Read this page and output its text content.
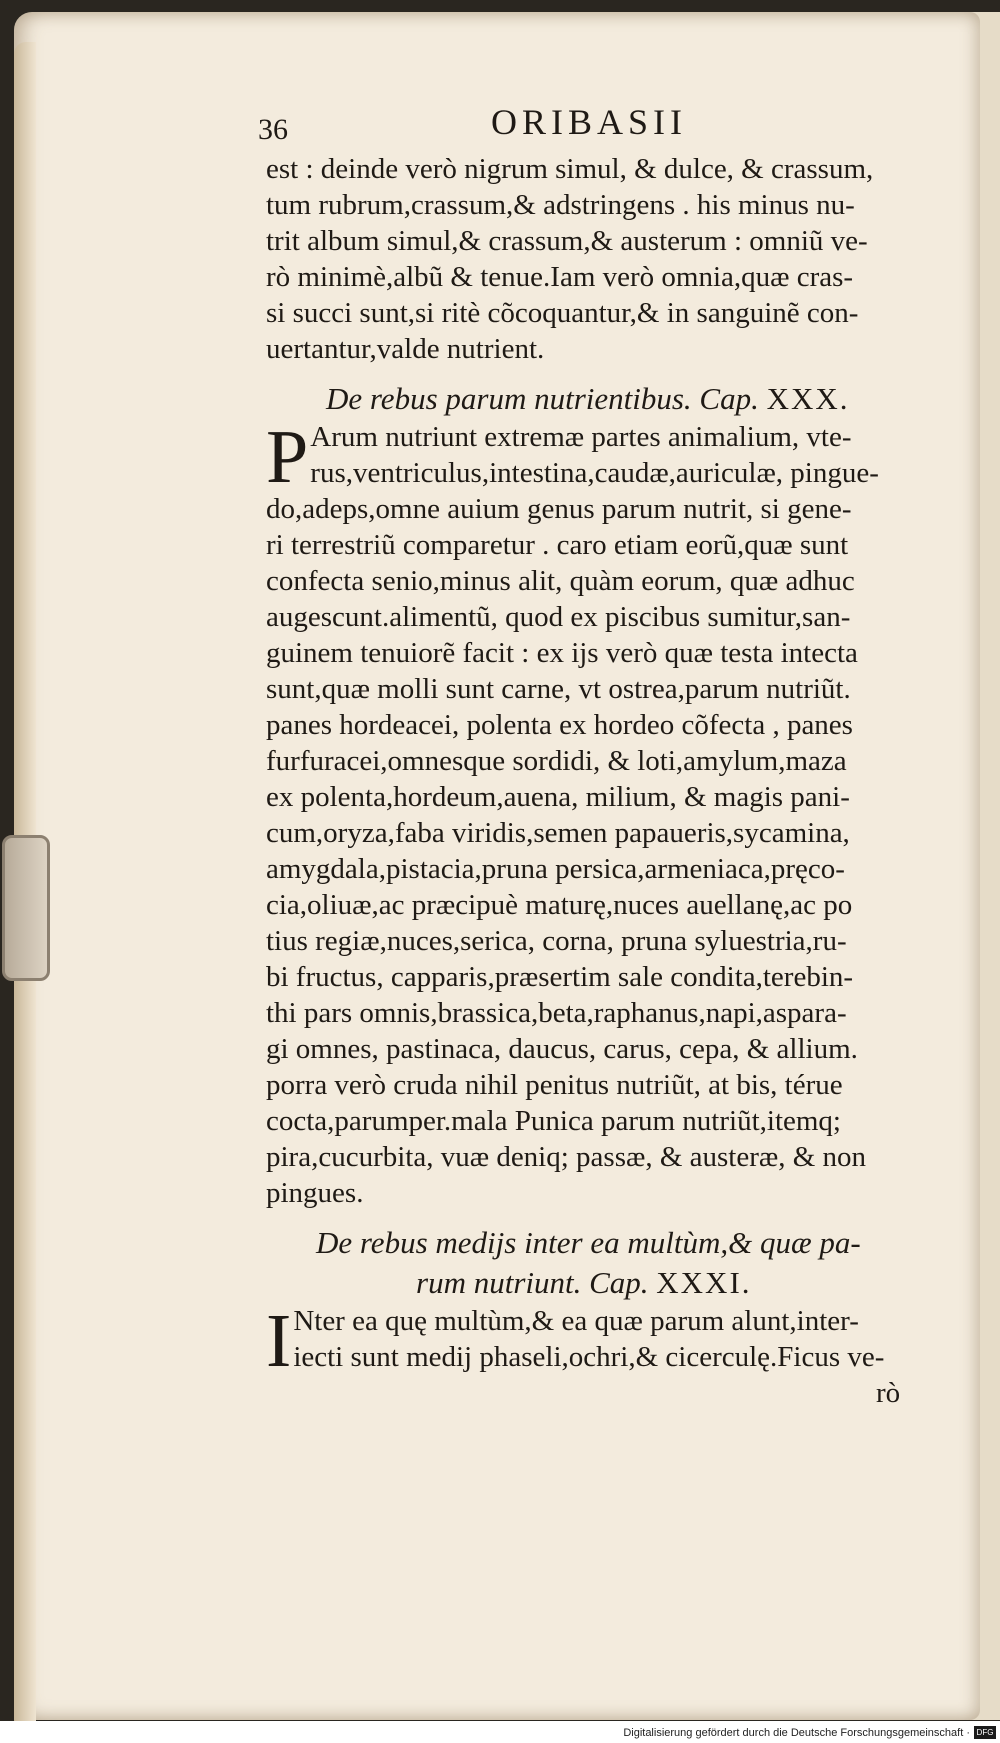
36	ORIBASII
est : deinde verò nigrum simul, & dulce, & crassum,
tum rubrum,crassum,& adstringens . his minus nu-
trit album simul,& crassum,& austerum : omniũ ve-
rò minimè,albũ & tenue.Iam verò omnia,quæ cras-
si succi sunt,si ritè cõcoquantur,& in sanguinẽ con-
uertantur,valde nutrient.
De rebus parum nutrientibus. Cap. XXX.
P Arum nutriunt extremæ partes animalium, vte-
rus,ventriculus,intestina,caudæ,auriculæ, pingue-
do,adeps,omne auium genus parum nutrit, si gene-
ri terrestriũ comparetur . caro etiam eorũ,quæ sunt
confecta senio,minus alit, quàm eorum, quæ adhuc
augescunt.alimentũ, quod ex piscibus sumitur,san-
guinem tenuiorẽ facit : ex ijs verò quæ testa intecta
sunt,quæ molli sunt carne, vt ostrea,parum nutriũt.
panes hordeacei, polenta ex hordeo cõfecta , panes
furfuracei,omnesque sordidi, & loti,amylum,maza
ex polenta,hordeum,auena, milium, & magis pani-
cum,oryza,faba viridis,semen papaueris,sycamina,
amygdala,pistacia,pruna persica,armeniaca,pręco-
cia,oliuæ,ac præcipuè maturę,nuces auellanę,ac po
tius regiæ,nuces,serica, corna, pruna syluestria,ru-
bi fructus, capparis,præsertim sale condita,terebin-
thi pars omnis,brassica,beta,raphanus,napi,aspara-
gi omnes, pastinaca, daucus, carus, cepa, & allium.
porra verò cruda nihil penitus nutriũt, at bis, térue
cocta,parumper.mala Punica parum nutriũt,itemq;
pira,cucurbita, vuæ deniq; passæ, & austeræ, & non
pingues.
De rebus medijs inter ea multùm,& quæ pa-
rum nutriunt. Cap. XXXI.
I Nter ea quę multùm,& ea quæ parum alunt,inter-
iecti sunt medij phaseli,ochri,& cicerculę.Ficus ve-
rò
Digitalisierung gefördert durch die Deutsche Forschungsgemeinschaft · DFG
